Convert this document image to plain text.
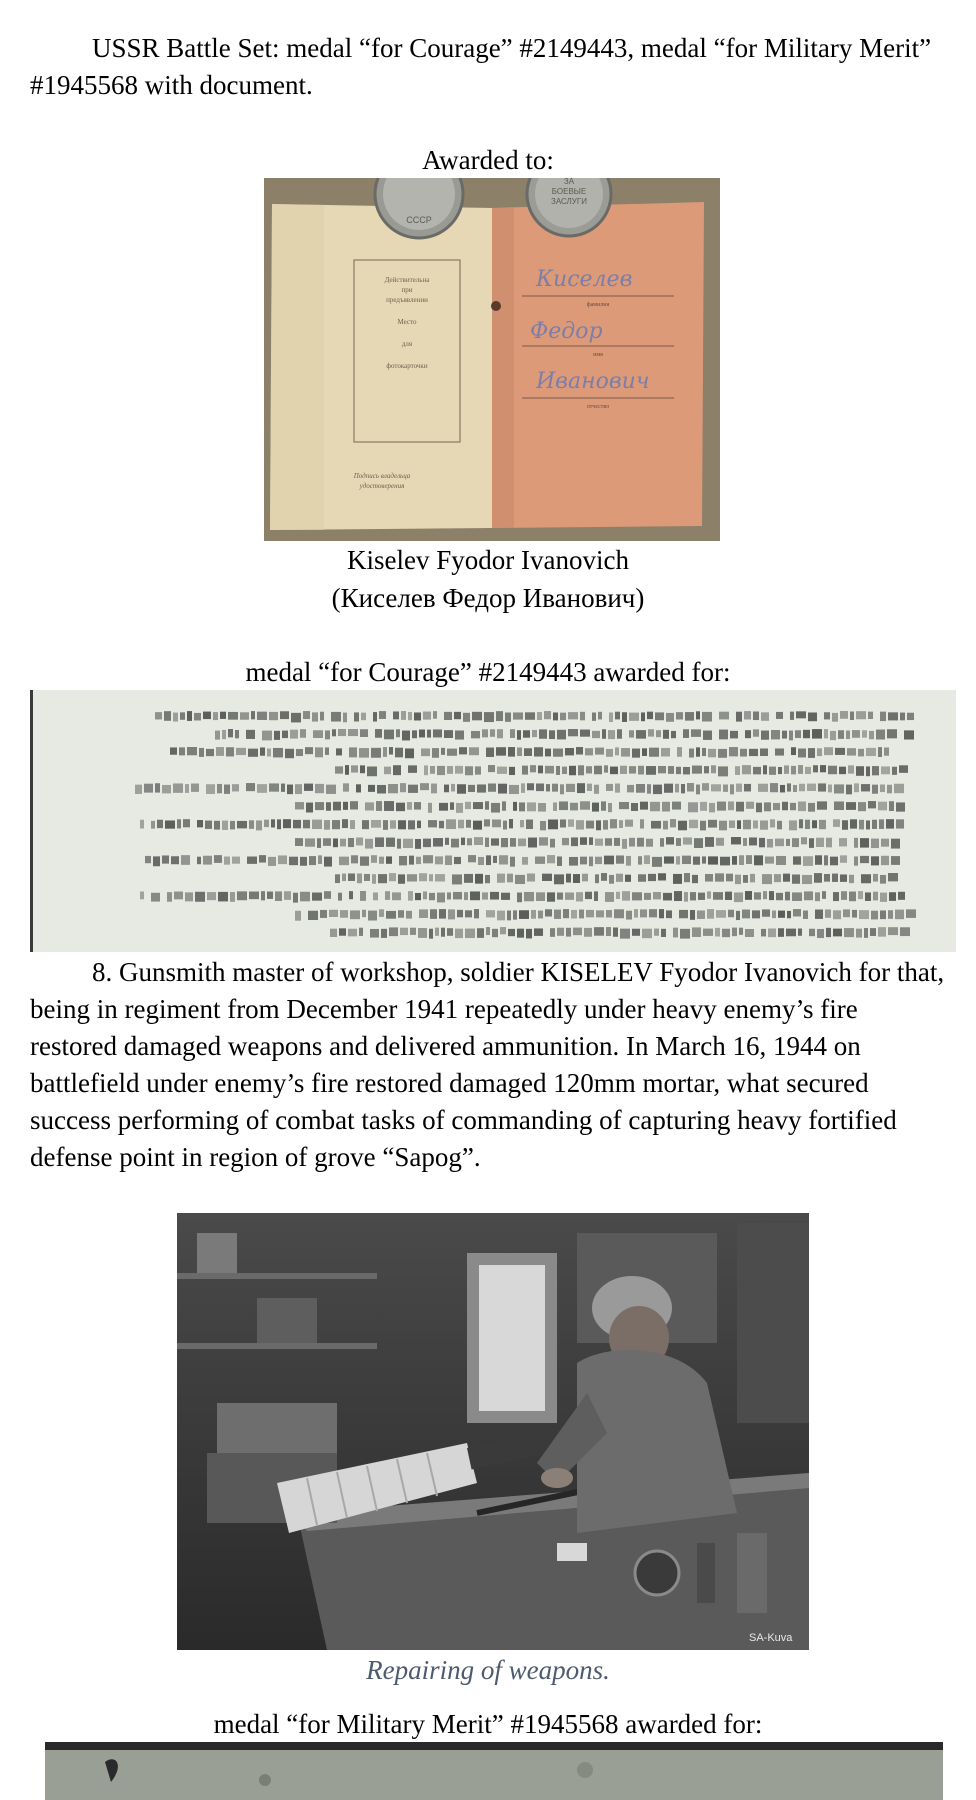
USSR Battle Set: medal “for Courage” #2149443, medal “for Military Merit” #1945568 with document.
Awarded to:
Действительна
при
предъявлении
Место
для
фотокарточки
Подпись владельца
удостоверения
Киселев
Федор
Иванович
фамилия
имя
отчество
СССР
ЗА
БОЕВЫЕ
ЗАСЛУГИ
Kiselev Fyodor Ivanovich
(Киселев Федор Иванович)
medal “for Courage” #2149443 awarded for:
8. Gunsmith master of workshop, soldier KISELEV Fyodor Ivanovich for that, being in regiment from December 1941 repeatedly under heavy enemy’s fire restored damaged weapons and delivered ammunition. In March 16, 1944 on battlefield under enemy’s fire restored damaged 120mm mortar, what secured success performing of combat tasks of commanding of capturing heavy fortified defense point in region of grove “Sapog”.
SA-Kuva
Repairing of weapons.
medal “for Military Merit” #1945568 awarded for:
